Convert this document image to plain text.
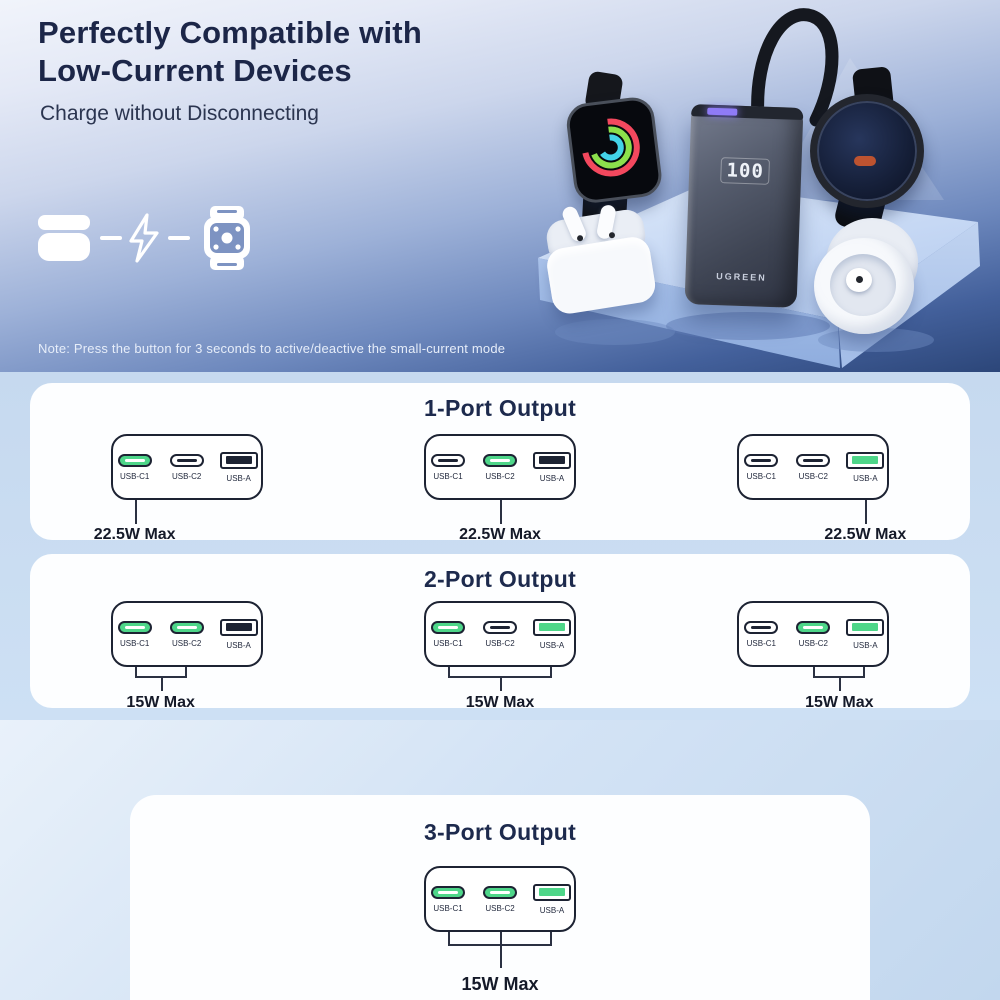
Perfectly Compatible with
Low-Current Devices
Charge without Disconnecting
Note: Press the button for 3 seconds to active/deactive the small-current mode
100
UGREEN
1-Port Output
USB-C1	USB-C2	USB-A
22.5W Max
USB-C1	USB-C2	USB-A
22.5W Max
USB-C1	USB-C2	USB-A
22.5W Max
2-Port Output
USB-C1	USB-C2	USB-A
15W Max
USB-C1	USB-C2	USB-A
15W Max
USB-C1	USB-C2	USB-A
15W Max
3-Port Output
USB-C1	USB-C2	USB-A
15W Max
